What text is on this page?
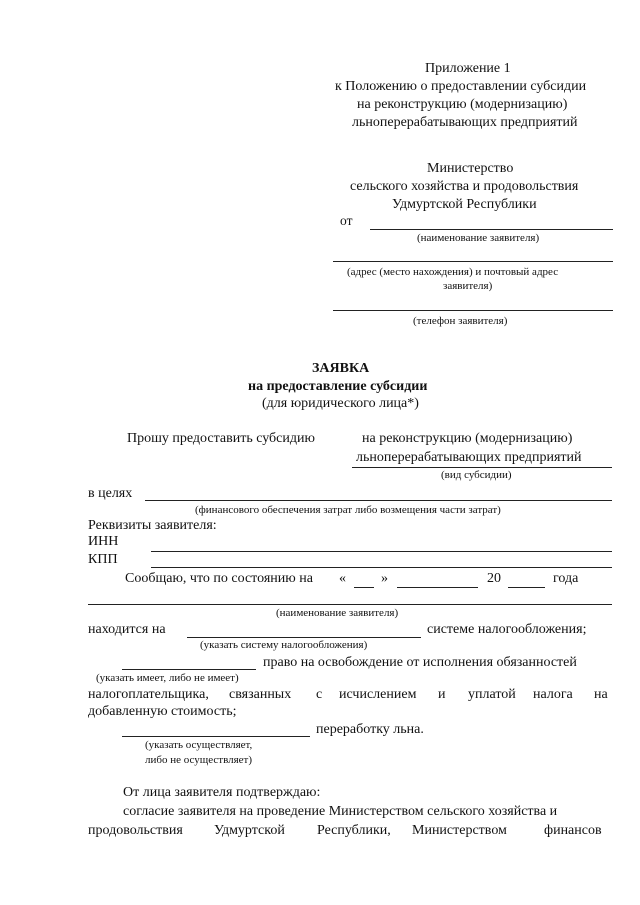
Приложение 1
к Положению о предоставлении субсидии
на реконструкцию (модернизацию)
льноперерабатывающих предприятий
Министерство
сельского хозяйства и продовольствия
Удмуртской Республики
от
(наименование заявителя)
(адрес (место нахождения) и почтовый адрес
заявителя)
(телефон заявителя)
ЗАЯВКА
на предоставление субсидии
(для юридического лица*)
Прошу предоставить субсидию	на реконструкцию (модернизацию)
льноперерабатывающих предприятий
(вид субсидии)
в целях
(финансового обеспечения затрат либо возмещения части затрат)
Реквизиты заявителя:
ИНН
КПП
Сообщаю, что по состоянию на «	»	20	года
(наименование заявителя)
находится на	системе налогообложения;
(указать систему налогообложения)
право на освобождение от исполнения обязанностей
(указать имеет, либо не имеет)
налогоплательщика, связанных с исчислением и уплатой налога на
добавленную стоимость;
переработку льна.
(указать осуществляет,
либо не осуществляет)
От лица заявителя подтверждаю:
согласие заявителя на проведение Министерством сельского хозяйства и
продовольствия Удмуртской Республики, Министерством	финансов
